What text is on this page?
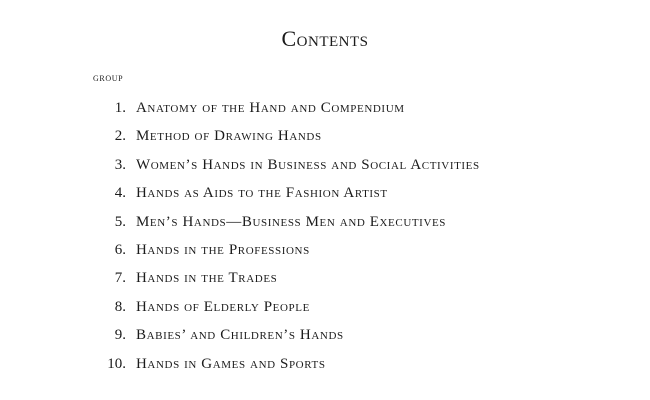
Contents
group
1. Anatomy of the Hand and Compendium
2. Method of Drawing Hands
3. Women’s Hands in Business and Social Activities
4. Hands as Aids to the Fashion Artist
5. Men’s Hands—Business Men and Executives
6. Hands in the Professions
7. Hands in the Trades
8. Hands of Elderly People
9. Babies’ and Children’s Hands
10. Hands in Games and Sports
